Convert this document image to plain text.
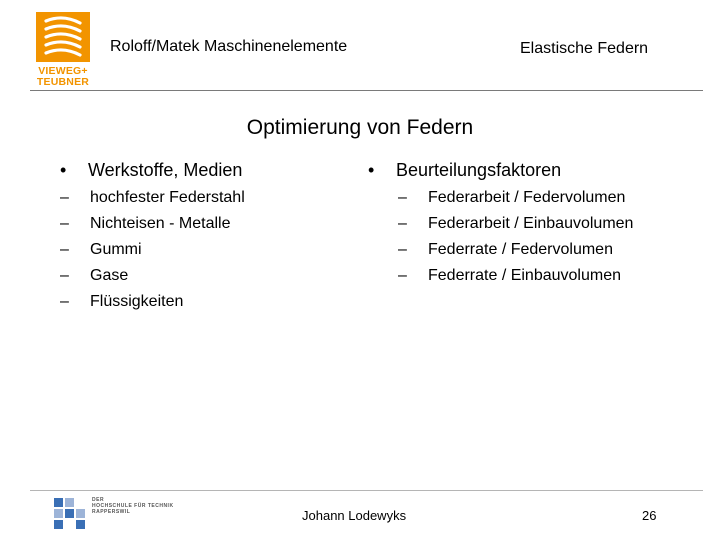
VIEWEG+
TEUBNER
Roloff/Matek Maschinenelemente	Elastische Federn
Optimierung von Federn
•	Werkstoffe, Medien
–	hochfester Federstahl
–	Nichteisen - Metalle
–	Gummi
–	Gase
–	Flüssigkeiten
•	Beurteilungsfaktoren
–	Federarbeit / Federvolumen
–	Federarbeit / Einbauvolumen
–	Federrate / Federvolumen
–	Federrate / Einbauvolumen
DER
HOCHSCHULE FÜR TECHNIK
RAPPERSWIL	Johann Lodewyks	26
